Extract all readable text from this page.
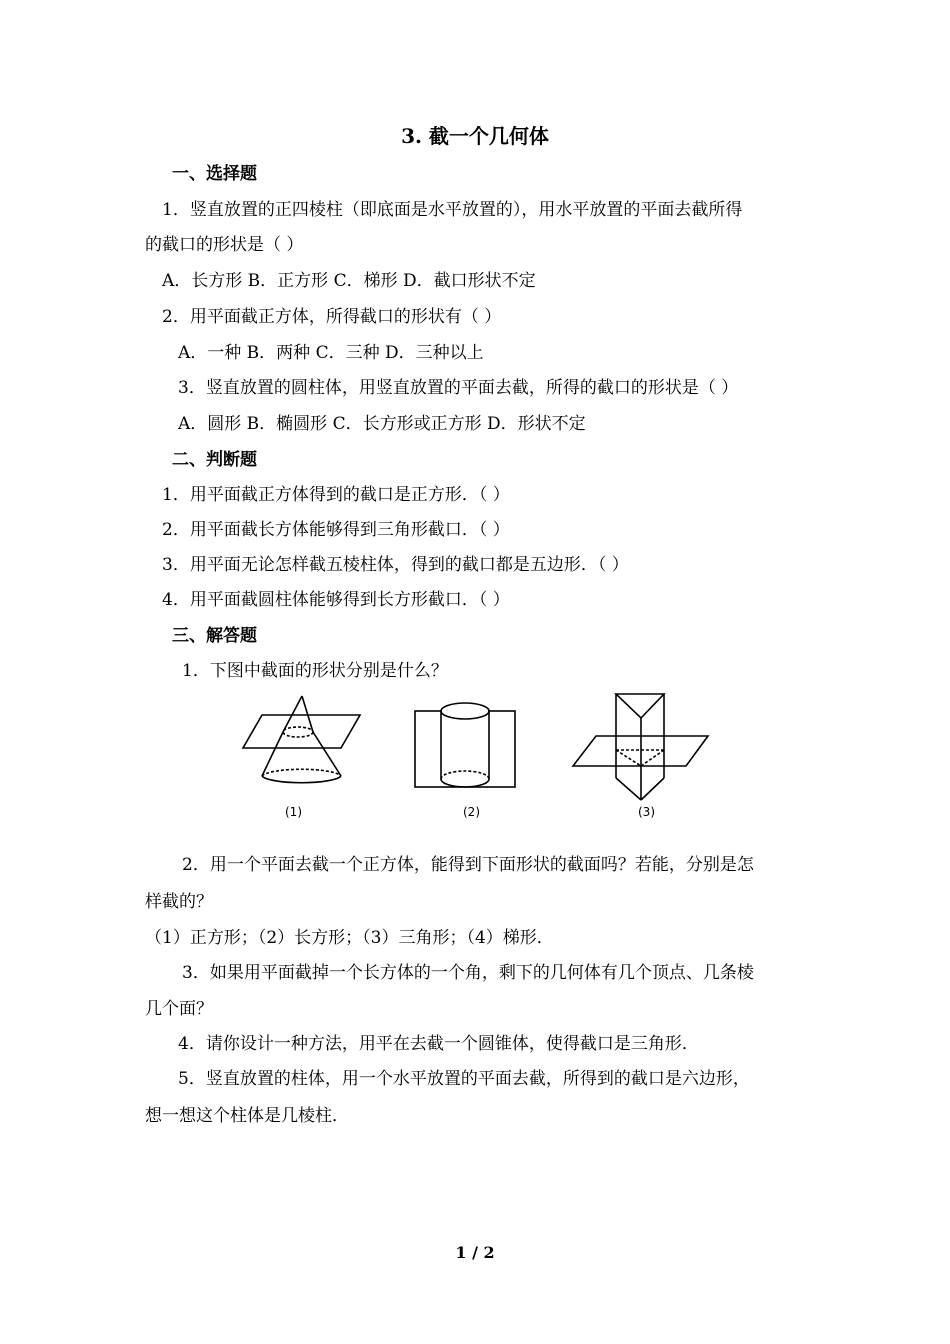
3. 截一个几何体
一、选择题
1．竖直放置的正四棱柱（即底面是水平放置的），用水平放置的平面去截所得
的截口的形状是（ ）
A．长方形 B．正方形 C．梯形 D．截口形状不定
2．用平面截正方体，所得截口的形状有（ ）
A．一种 B．两种 C．三种 D．三种以上
3．竖直放置的圆柱体，用竖直放置的平面去截，所得的截口的形状是（ ）
A．圆形 B．椭圆形 C．长方形或正方形 D．形状不定
二、判断题
1．用平面截正方体得到的截口是正方形．（ ）
2．用平面截长方体能够得到三角形截口．（ ）
3．用平面无论怎样截五棱柱体，得到的截口都是五边形．（ ）
4．用平面截圆柱体能够得到长方形截口．（ ）
三、解答题
1．下图中截面的形状分别是什么？
(1)	(2)	(3)
2．用一个平面去截一个正方体，能得到下面形状的截面吗？若能，分别是怎
样截的？
（1）正方形；（2）长方形；（3）三角形；（4）梯形．
3．如果用平面截掉一个长方体的一个角，剩下的几何体有几个顶点、几条棱
几个面？
4．请你设计一种方法，用平在去截一个圆锥体，使得截口是三角形．
5．竖直放置的柱体，用一个水平放置的平面去截，所得到的截口是六边形，
想一想这个柱体是几棱柱．
1 / 2
